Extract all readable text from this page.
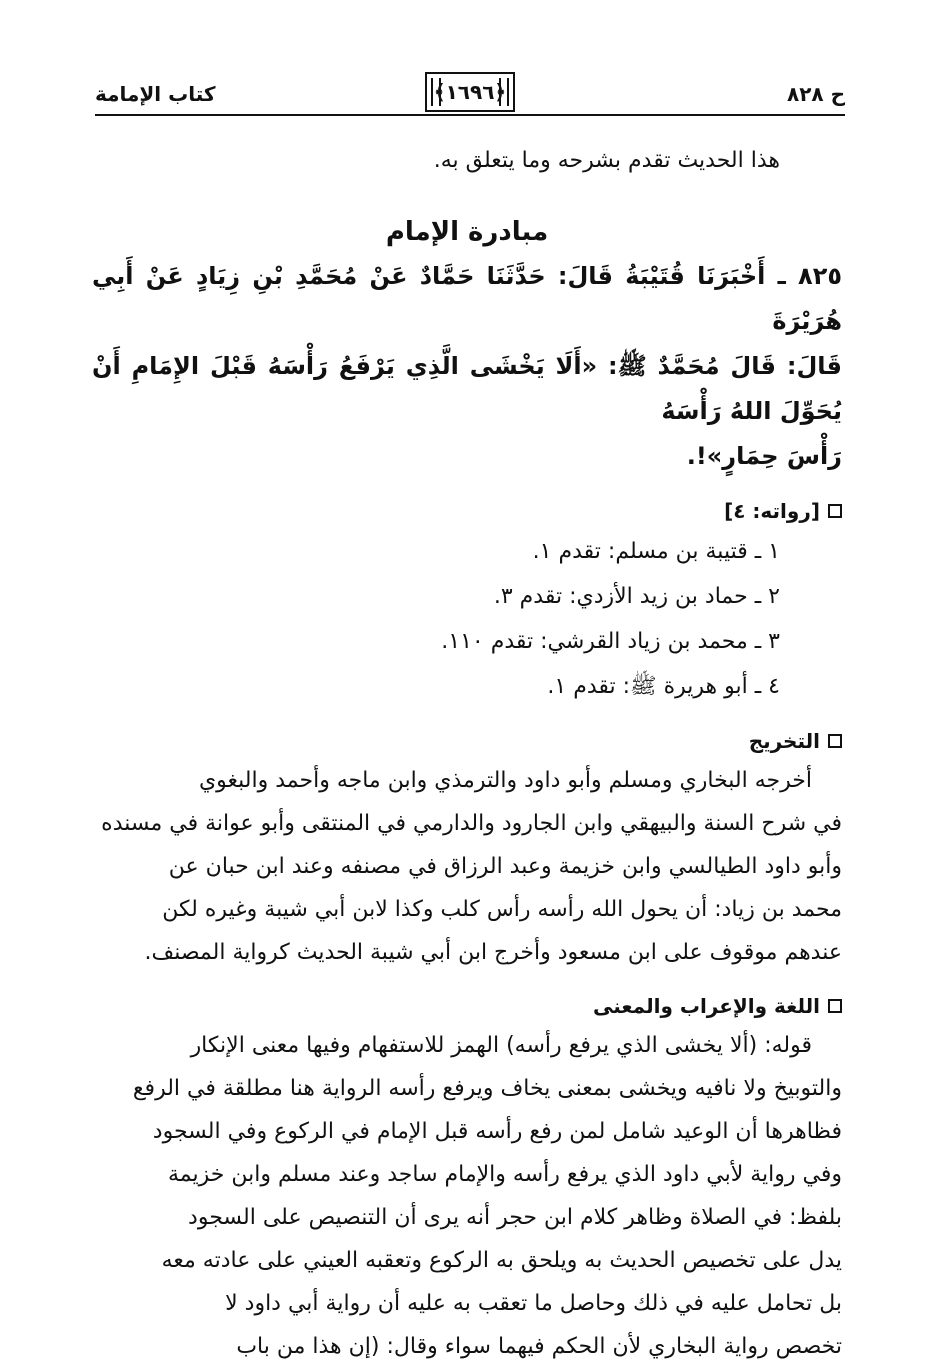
ح ٨٢٨
﴿١٦٩٦﴾
كتاب الإمامة

هذا الحديث تقدم بشرحه وما يتعلق به.

مبادرة الإمام
٨٢٥ ـ أَخْبَرَنَا قُتَيْبَةُ قَالَ: حَدَّثَنَا حَمَّادٌ عَنْ مُحَمَّدِ بْنِ زِيَادٍ عَنْ أَبِي هُرَيْرَةَ
قَالَ: قَالَ مُحَمَّدٌ ﷺ: «أَلَا يَخْشَى الَّذِي يَرْفَعُ رَأْسَهُ قَبْلَ الإِمَامِ أَنْ يُحَوِّلَ اللهُ رَأْسَهُ
رَأْسَ حِمَارٍ»!.
[رواته: ٤]
١ ـ قتيبة بن مسلم: تقدم ١.
٢ ـ حماد بن زيد الأزدي: تقدم ٣.
٣ ـ محمد بن زياد القرشي: تقدم ١١٠.
٤ ـ أبو هريرة ﷺ: تقدم ١.
التخريج
أخرجه البخاري ومسلم وأبو داود والترمذي وابن ماجه وأحمد والبغوي
في شرح السنة والبيهقي وابن الجارود والدارمي في المنتقى وأبو عوانة في مسنده
وأبو داود الطيالسي وابن خزيمة وعبد الرزاق في مصنفه وعند ابن حبان عن
محمد بن زياد: أن يحول الله رأسه رأس كلب وكذا لابن أبي شيبة وغيره لكن
عندهم موقوف على ابن مسعود وأخرج ابن أبي شيبة الحديث كرواية المصنف.
اللغة والإعراب والمعنى
قوله: (ألا يخشى الذي يرفع رأسه) الهمز للاستفهام وفيها معنى الإنكار
والتوبيخ ولا نافيه ويخشى بمعنى يخاف ويرفع رأسه الرواية هنا مطلقة في الرفع
فظاهرها أن الوعيد شامل لمن رفع رأسه قبل الإمام في الركوع وفي السجود
وفي رواية لأبي داود الذي يرفع رأسه والإمام ساجد وعند مسلم وابن خزيمة
بلفظ: في الصلاة وظاهر كلام ابن حجر أنه يرى أن التنصيص على السجود
يدل على تخصيص الحديث به ويلحق به الركوع وتعقبه العيني على عادته معه
بل تحامل عليه في ذلك وحاصل ما تعقب به عليه أن رواية أبي داود لا
تخصص رواية البخاري لأن الحكم فيهما سواء وقال: (إن هذا من باب
